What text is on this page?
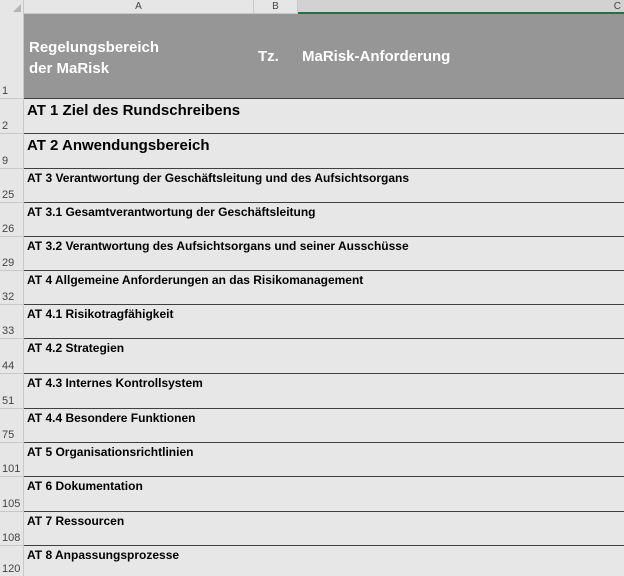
A	B	C
1
Regelungsbereich
der MaRisk
Tz. MaRisk-Anforderung
2
AT 1 Ziel des Rundschreibens
9
AT 2 Anwendungsbereich
25
AT 3 Verantwortung der Geschäftsleitung und des Aufsichtsorgans
26
AT 3.1 Gesamtverantwortung der Geschäftsleitung
29
AT 3.2 Verantwortung des Aufsichtsorgans und seiner Ausschüsse
32
AT 4 Allgemeine Anforderungen an das Risikomanagement
33
AT 4.1 Risikotragfähigkeit
44
AT 4.2 Strategien
51
AT 4.3 Internes Kontrollsystem
75
AT 4.4 Besondere Funktionen
101
AT 5 Organisationsrichtlinien
105
AT 6 Dokumentation
108
AT 7 Ressourcen
120
AT 8 Anpassungsprozesse
